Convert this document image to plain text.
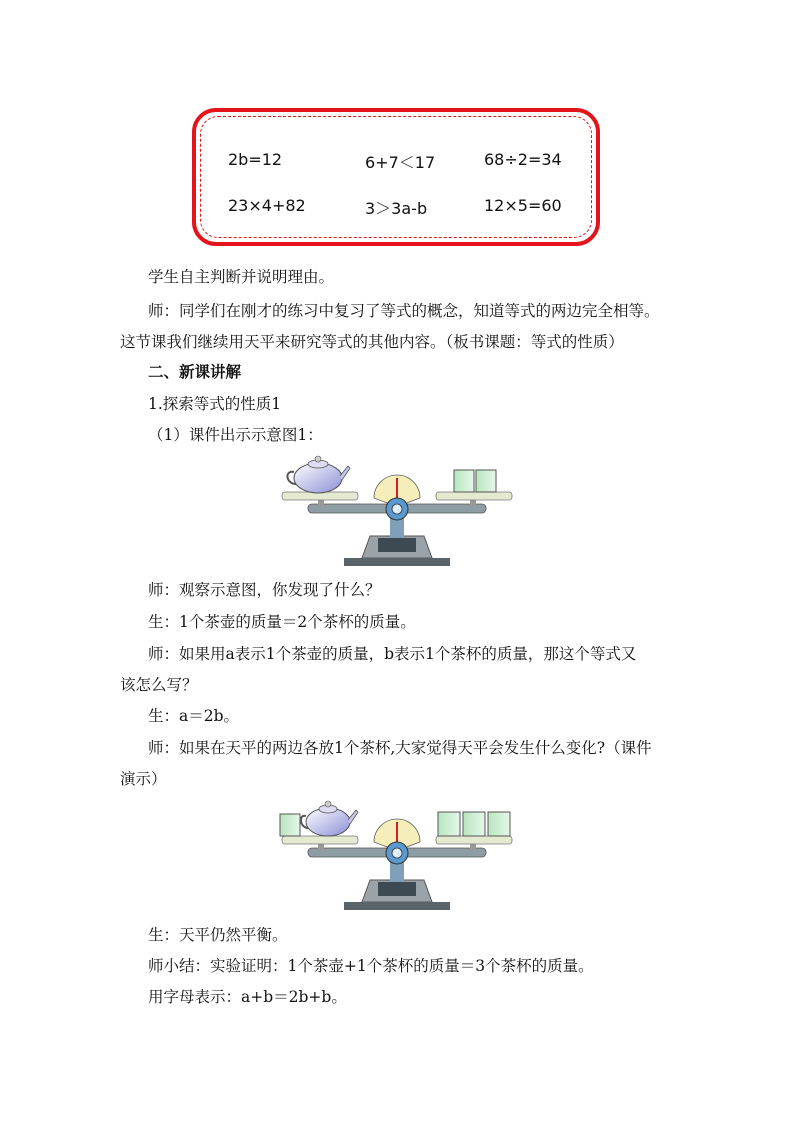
2b=12	6+7＜17	68÷2=34
23×4+82	3＞3a-b	12×5=60
学生自主判断并说明理由。
师：同学们在刚才的练习中复习了等式的概念，知道等式的两边完全相等。
这节课我们继续用天平来研究等式的其他内容。（板书课题：等式的性质）
二、新课讲解
1.探索等式的性质1
（1）课件出示示意图1：
师：观察示意图，你发现了什么？
生：1个茶壶的质量＝2个茶杯的质量。
师：如果用a表示1个茶壶的质量，b表示1个茶杯的质量，那这个等式又
该怎么写？
生：a＝2b。
师：如果在天平的两边各放1个茶杯,大家觉得天平会发生什么变化?（课件
演示）
生：天平仍然平衡。
师小结：实验证明：1个茶壶+1个茶杯的质量＝3个茶杯的质量。
用字母表示：a+b＝2b+b。
